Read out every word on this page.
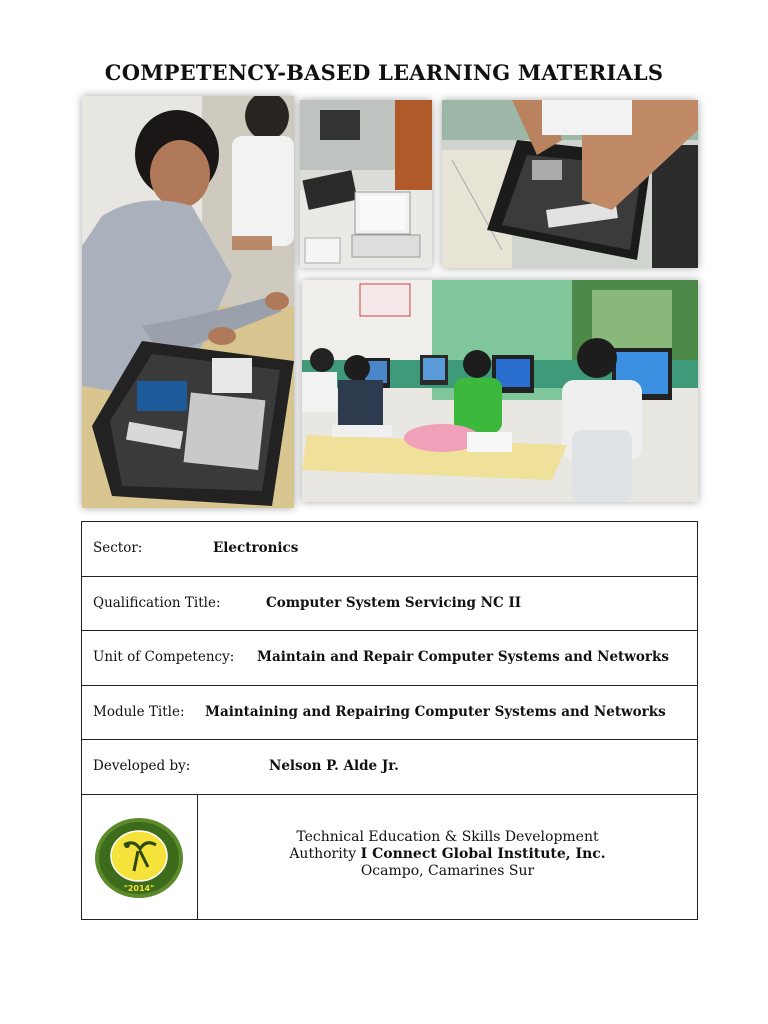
COMPETENCY-BASED LEARNING MATERIALS
Sector:	Electronics
Qualification Title:	Computer System Servicing NC II
Unit of Competency: Maintain and Repair Computer Systems and Networks
Module Title: Maintaining and Repairing Computer Systems and Networks
Developed by:	Nelson P. Alde Jr.
"2014"
Technical Education & Skills Development
Authority I Connect Global Institute, Inc.
Ocampo, Camarines Sur
